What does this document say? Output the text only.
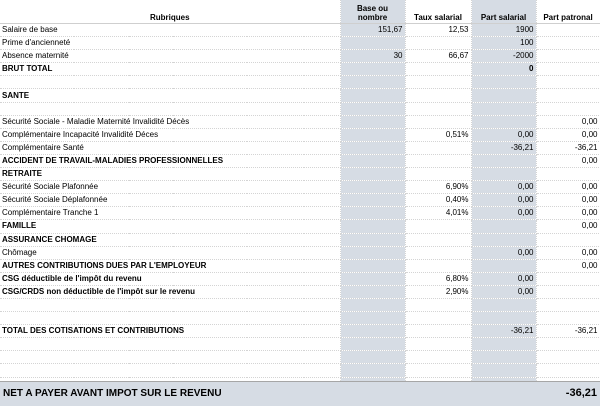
Rubriques	Base ou
nombre	Taux salarial	Part salarial	Part patronal
Salaire de base	151,67	12,53	1900	
Prime d'ancienneté			100	
Absence maternité	30	66,67	-2000	
BRUT TOTAL			0	

SANTE				

Sécurité Sociale - Maladie Maternité Invalidité Décès				0,00
Complémentaire Incapacité Invalidité Déces		0,51%	0,00	0,00
Complémentaire Santé			-36,21	-36,21
ACCIDENT DE TRAVAIL-MALADIES PROFESSIONNELLES				0,00
RETRAITE				
Sécurité Sociale Plafonnée		6,90%	0,00	0,00
Sécurité Sociale Déplafonnée		0,40%	0,00	0,00
Complémentaire Tranche 1		4,01%	0,00	0,00
FAMILLE				0,00
ASSURANCE CHOMAGE				
Chômage			0,00	0,00
AUTRES CONTRIBUTIONS DUES PAR L'EMPLOYEUR				0,00
CSG déductible de l'impôt du revenu		6,80%	0,00	
CSG/CRDS non déductible de l'impôt sur le revenu		2,90%	0,00	

TOTAL DES COTISATIONS ET CONTRIBUTIONS			-36,21	-36,21

NET A PAYER AVANT IMPOT SUR LE REVENU	-36,21
